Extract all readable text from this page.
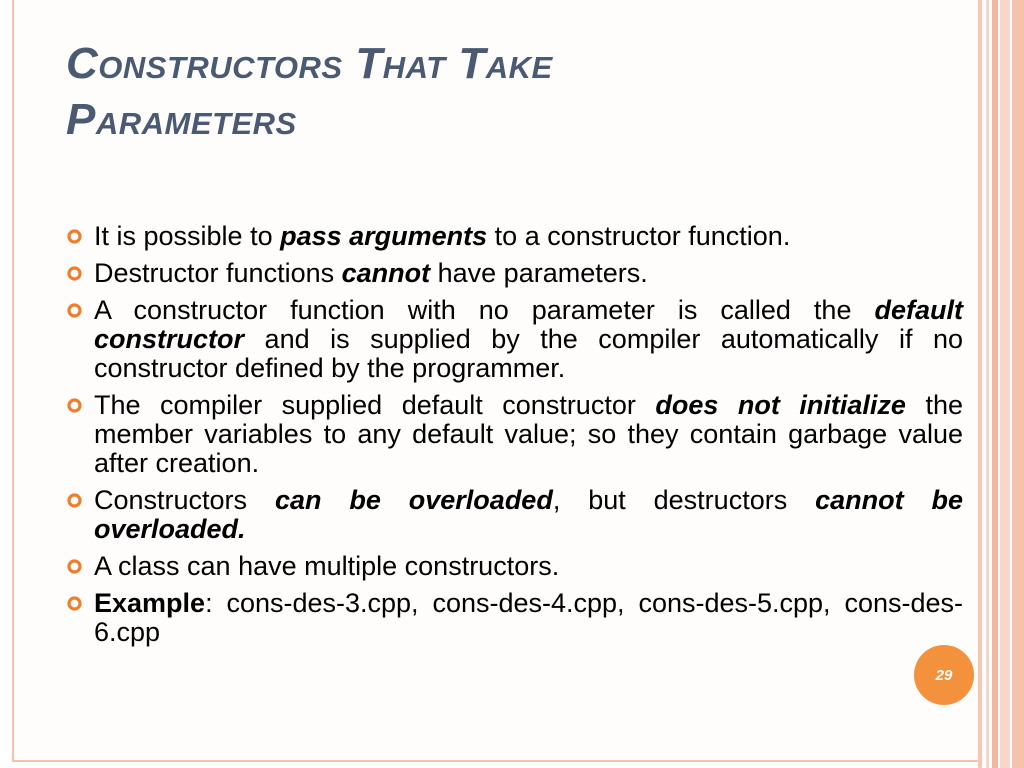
Constructors That Take
Parameters
It is possible to pass arguments to a constructor function.
Destructor functions cannot have parameters.
A constructor function with no parameter is called the default constructor and is supplied by the compiler automatically if no constructor defined by the programmer.
The compiler supplied default constructor does not initialize the member variables to any default value; so they contain garbage value after creation.
Constructors can be overloaded, but destructors cannot be overloaded.
A class can have multiple constructors.
Example: cons-des-3.cpp, cons-des-4.cpp, cons-des-5.cpp, cons-des-6.cpp
29
